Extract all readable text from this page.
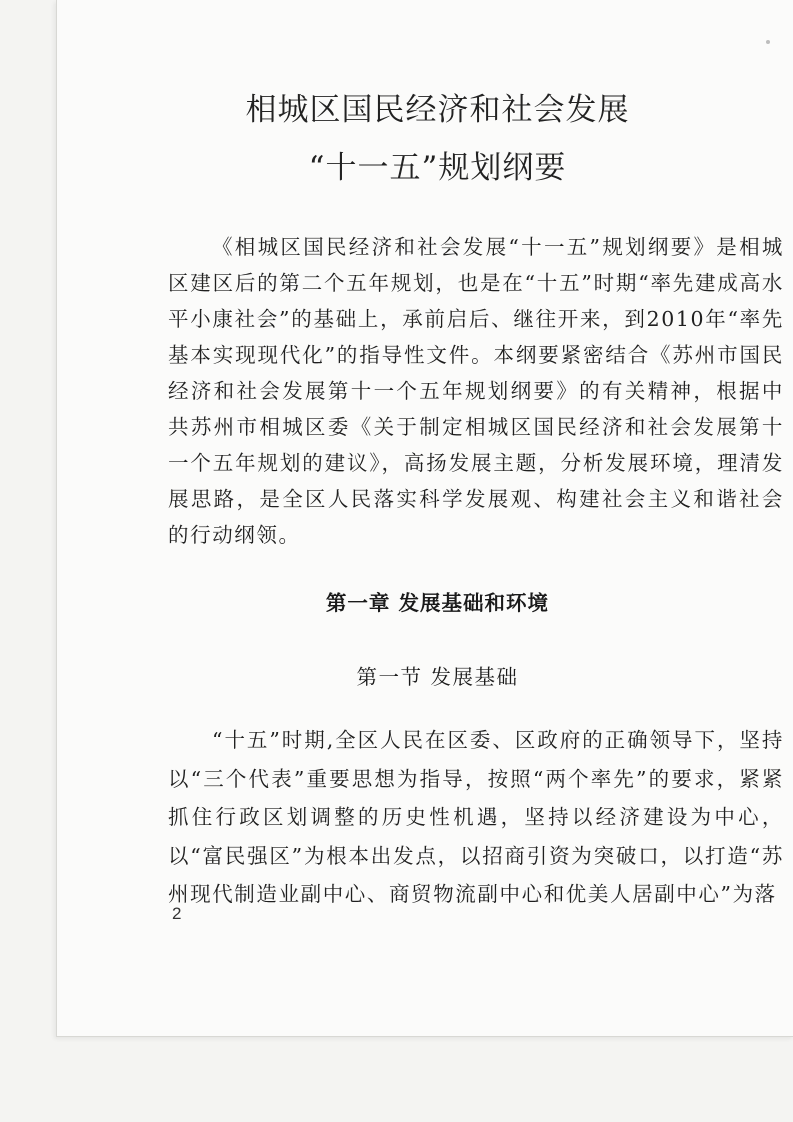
相城区国民经济和社会发展
“十一五”规划纲要

《相城区国民经济和社会发展“十一五”规划纲要》是相城区建区后的第二个五年规划，也是在“十五”时期“率先建成高水平小康社会”的基础上，承前启后、继往开来，到2010年“率先基本实现现代化”的指导性文件。本纲要紧密结合《苏州市国民经济和社会发展第十一个五年规划纲要》的有关精神，根据中共苏州市相城区委《关于制定相城区国民经济和社会发展第十一个五年规划的建议》，高扬发展主题，分析发展环境，理清发展思路，是全区人民落实科学发展观、构建社会主义和谐社会的行动纲领。

第一章 发展基础和环境
第一节 发展基础

“十五”时期,全区人民在区委、区政府的正确领导下，坚持以“三个代表”重要思想为指导，按照“两个率先”的要求，紧紧抓住行政区划调整的历史性机遇，坚持以经济建设为中心，以“富民强区”为根本出发点，以招商引资为突破口，以打造“苏州现代制造业副中心、商贸物流副中心和优美人居副中心”为落

2
